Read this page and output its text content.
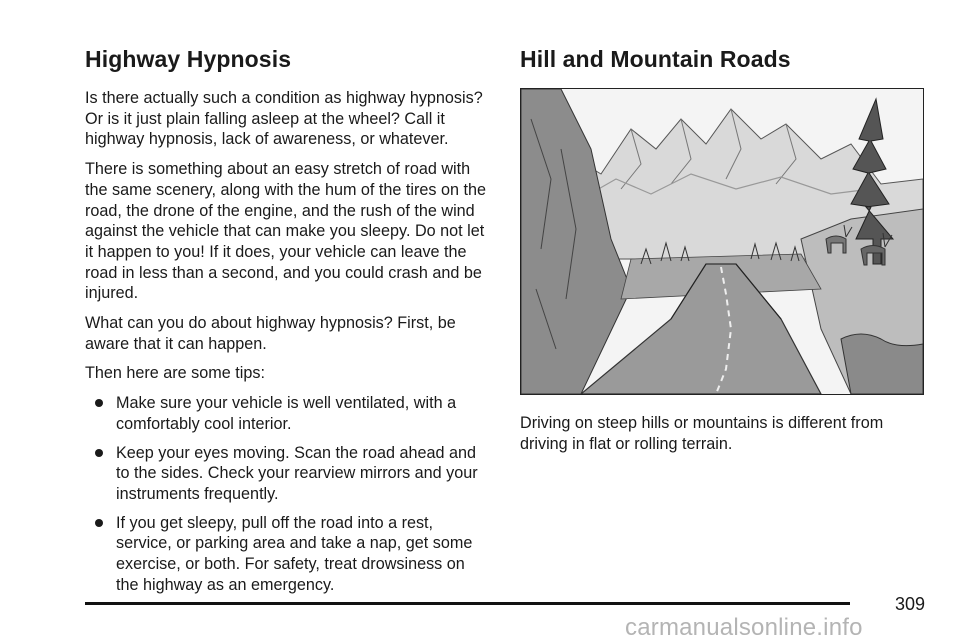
Highway Hypnosis

Is there actually such a condition as highway hypnosis? Or is it just plain falling asleep at the wheel? Call it highway hypnosis, lack of awareness, or whatever.

There is something about an easy stretch of road with the same scenery, along with the hum of the tires on the road, the drone of the engine, and the rush of the wind against the vehicle that can make you sleepy. Do not let it happen to you! If it does, your vehicle can leave the road in less than a second, and you could crash and be injured.

What can you do about highway hypnosis? First, be aware that it can happen.

Then here are some tips:

Make sure your vehicle is well ventilated, with a comfortably cool interior.
Keep your eyes moving. Scan the road ahead and to the sides. Check your rearview mirrors and your instruments frequently.
If you get sleepy, pull off the road into a rest, service, or parking area and take a nap, get some exercise, or both. For safety, treat drowsiness on the highway as an emergency.
Hill and Mountain Roads

Driving on steep hills or mountains is different from driving in flat or rolling terrain.

309
carmanualsonline.info
